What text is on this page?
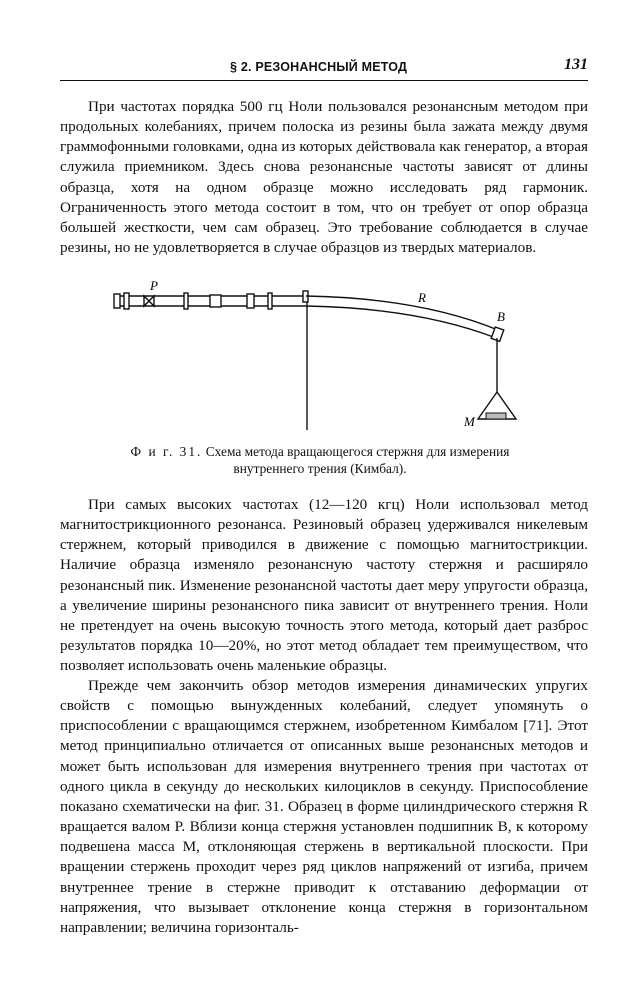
§ 2. РЕЗОНАНСНЫЙ МЕТОД	131

При частотах порядка 500 гц Ноли пользовался резонансным методом при продольных колебаниях, причем полоска из резины была зажата между двумя граммофонными головками, одна из которых действовала как генератор, а вторая служила приемником. Здесь снова резонансные частоты зависят от длины образца, хотя на одном образце можно исследовать ряд гармоник. Ограниченность этого метода состоит в том, что он требует от опор образца большей жесткости, чем сам образец. Это требование соблюдается в случае резины, но не удовлетворяется в случае образцов из твердых материалов.

P
R
B
M
Ф и г. 31. Схема метода вращающегося стержня для измерения внутреннего трения (Кимбал).

При самых высоких частотах (12—120 кгц) Ноли использовал метод магнитострикционного резонанса. Резиновый образец удерживался никелевым стержнем, который приводился в движение с помощью магнитострикции. Наличие образца изменяло резонансную частоту стержня и расширяло резонансный пик. Изменение резонансной частоты дает меру упругости образца, а увеличение ширины резонансного пика зависит от внутреннего трения. Ноли не претендует на очень высокую точность этого метода, который дает разброс результатов порядка 10—20%, но этот метод обладает тем преимуществом, что позволяет использовать очень маленькие образцы.

Прежде чем закончить обзор методов измерения динамических упругих свойств с помощью вынужденных колебаний, следует упомянуть о приспособлении с вращающимся стержнем, изобретенном Кимбалом [71]. Этот метод принципиально отличается от описанных выше резонансных методов и может быть использован для измерения внутреннего трения при частотах от одного цикла в секунду до нескольких килоциклов в секунду. Приспособление показано схематически на фиг. 31. Образец в форме цилиндрического стержня R вращается валом P. Вблизи конца стержня установлен подшипник B, к которому подвешена масса M, отклоняющая стержень в вертикальной плоскости. При вращении стержень проходит через ряд циклов напряжений от изгиба, причем внутреннее трение в стержне приводит к отставанию деформации от напряжения, что вызывает отклонение конца стержня в горизонтальном направлении; величина горизонталь-
